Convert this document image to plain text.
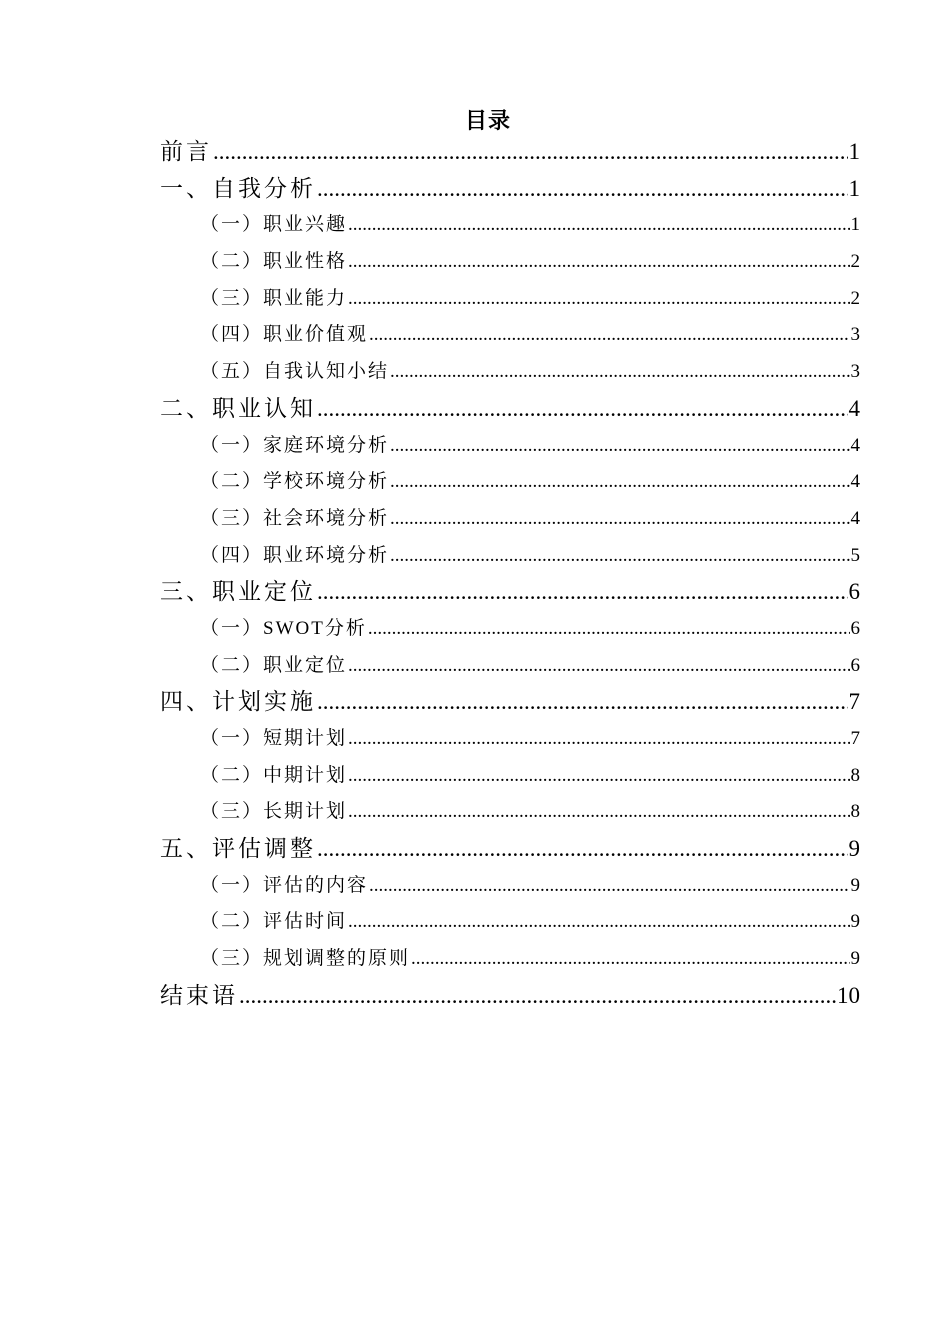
目录
前言 .....	1
一、自我分析 .....	1
（一）职业兴趣 .....	1
（二）职业性格 .....	2
（三）职业能力 .....	2
（四）职业价值观 .....	3
（五）自我认知小结 .....	3
二、职业认知 .....	4
（一）家庭环境分析 .....	4
（二）学校环境分析 .....	4
（三）社会环境分析 .....	4
（四）职业环境分析 .....	5
三、职业定位 .....	6
（一）SWOT分析 .....	6
（二）职业定位 .....	6
四、计划实施 .....	7
（一）短期计划 .....	7
（二）中期计划 .....	8
（三）长期计划 .....	8
五、评估调整 .....	9
（一）评估的内容 .....	9
（二）评估时间 .....	9
（三）规划调整的原则 .....	9
结束语 .....	10
